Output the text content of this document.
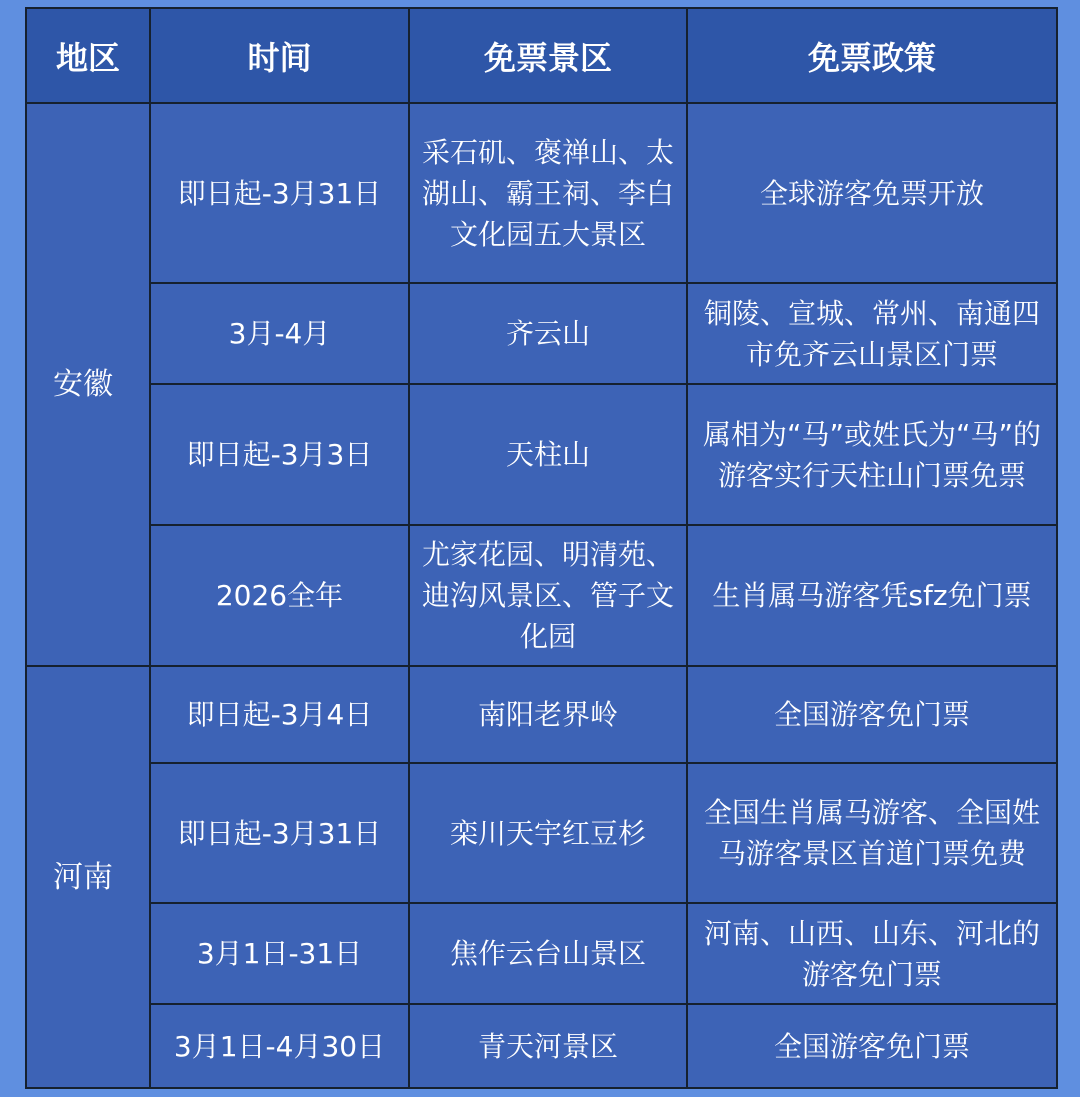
地区	时间	免票景区	免票政策
安徽	即日起-3月31日	采石矶、褒禅山、太湖山、霸王祠、李白文化园五大景区	全球游客免票开放
	3月-4月	齐云山	铜陵、宣城、常州、南通四市免齐云山景区门票
	即日起-3月3日	天柱山	属相为“马”或姓氏为“马”的游客实行天柱山门票免票
	2026全年	尤家花园、明清苑、迪沟风景区、管子文化园	生肖属马游客凭sfz免门票
河南	即日起-3月4日	南阳老界岭	全国游客免门票
	即日起-3月31日	栾川天宇红豆杉	全国生肖属马游客、全国姓马游客景区首道门票免费
	3月1日-31日	焦作云台山景区	河南、山西、山东、河北的游客免门票
	3月1日-4月30日	青天河景区	全国游客免门票
